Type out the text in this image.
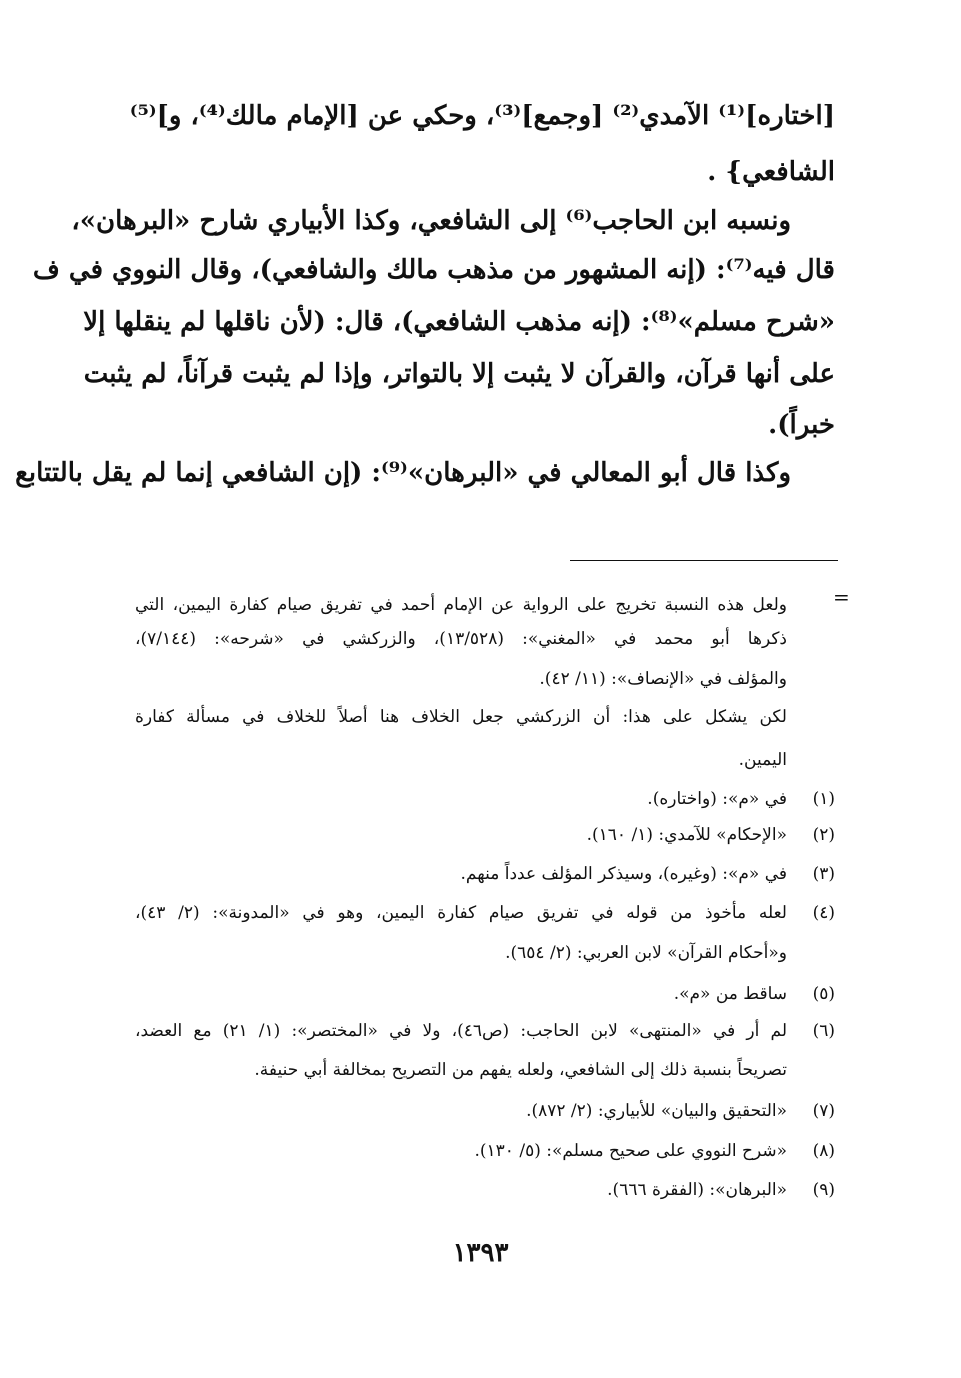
[اختاره]⁽¹⁾ الآمدي⁽²⁾ [وجمع]⁽³⁾، وحكي عن [الإمام مالك⁽⁴⁾، و]⁽⁵⁾
الشافعي} .
ونسبه ابن الحاجب⁽⁶⁾ إلى الشافعي، وكذا الأبياري شارح «البرهان»،
قال فيه⁽⁷⁾: (إنه المشهور من مذهب مالك والشافعي)، وقال النووي في ف
«شرح مسلم»⁽⁸⁾: (إنه مذهب الشافعي)، قال: (لأن ناقلها لم ينقلها إلا
على أنها قرآن، والقرآن لا يثبت إلا بالتواتر، وإذا لم يثبت قرآناً، لم يثبت
خبراً).
وكذا قال أبو المعالي في «البرهان»⁽⁹⁾: (إن الشافعي إنما لم يقل بالتتابع
=
ولعل هذه النسبة تخريج على الرواية عن الإمام أحمد في تفريق صيام كفارة اليمين، التي
ذكرها أبو محمد في «المغني»: (١٣/٥٢٨)، والزركشي في «شرحه»: (٧/١٤٤)،
والمؤلف في «الإنصاف»: (١١/ ٤٢).
لكن يشكل على هذا: أن الزركشي جعل الخلاف هنا أصلاً للخلاف في مسألة كفارة
اليمين.
(١)
في «م»: (واختاره).
(٢)
«الإحكام» للآمدي: (١/ ١٦٠).
(٣)
في «م»: (وغيره)، وسيذكر المؤلف عدداً منهم.
(٤)
لعله مأخوذ من قوله في تفريق صيام كفارة اليمين، وهو في «المدونة»: (٢/ ٤٣)،
و«أحكام القرآن» لابن العربي: (٢/ ٦٥٤).
(٥)
ساقط من «م».
(٦)
لم أر في «المنتهى» لابن الحاجب: (ص٤٦)، ولا في «المختصر»: (١/ ٢١) مع العضد،
تصريحاً بنسبة ذلك إلى الشافعي، ولعله يفهم من التصريح بمخالفة أبي حنيفة.
(٧)
«التحقيق والبيان» للأبياري: (٢/ ٨٧٢).
(٨)
«شرح النووي على صحيح مسلم»: (٥/ ١٣٠).
(٩)
«البرهان»: (الفقرة ٦٦٦).
١٣٩٣
